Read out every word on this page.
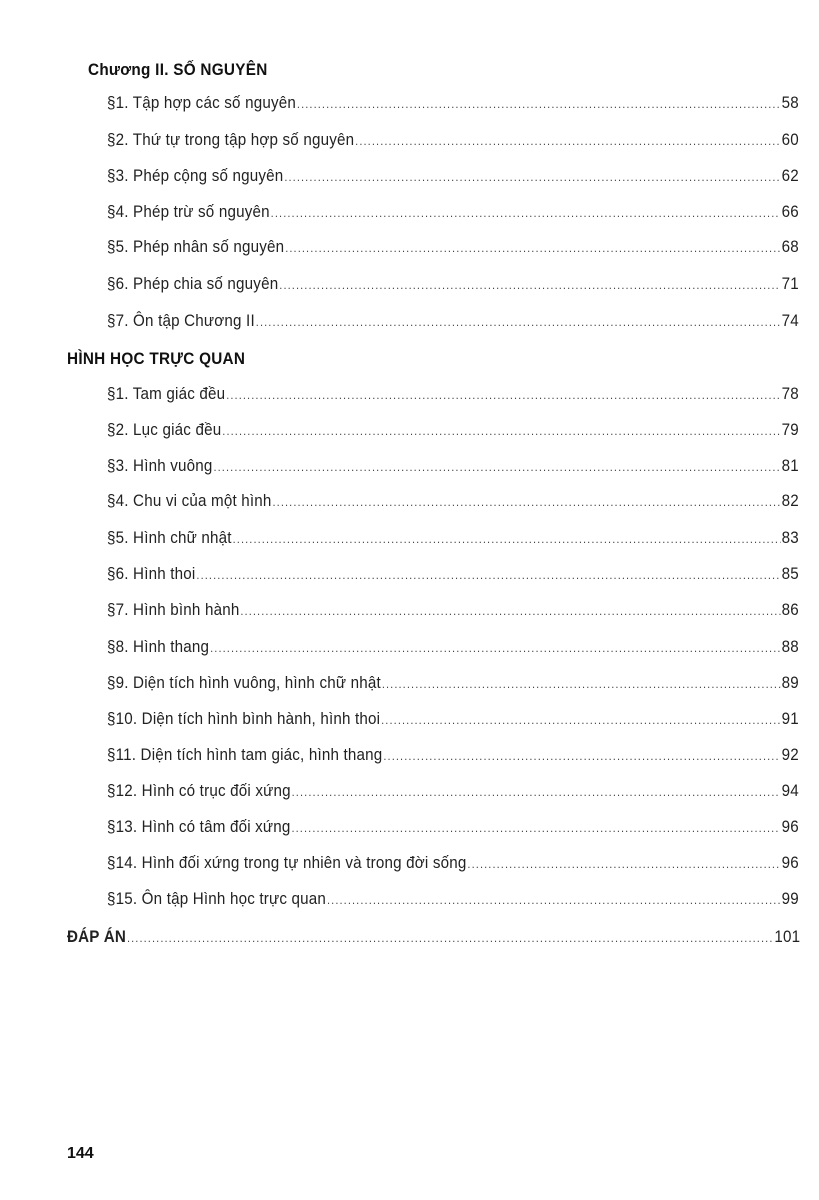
Chương II. SỐ NGUYÊN
§1. Tập hợp các số nguyên .....	58
§2. Thứ tự trong tập hợp số nguyên .....	60
§3. Phép cộng số nguyên .....	62
§4. Phép trừ số nguyên .....	66
§5. Phép nhân số nguyên .....	68
§6. Phép chia số nguyên .....	71
§7. Ôn tập Chương II .....	74
HÌNH HỌC TRỰC QUAN
§1. Tam giác đều .....	78
§2. Lục giác đều .....	79
§3. Hình vuông .....	81
§4. Chu vi của một hình .....	82
§5. Hình chữ nhật .....	83
§6. Hình thoi .....	85
§7. Hình bình hành .....	86
§8. Hình thang .....	88
§9. Diện tích hình vuông, hình chữ nhật .....	89
§10. Diện tích hình bình hành, hình thoi .....	91
§11. Diện tích hình tam giác, hình thang .....	92
§12. Hình có trục đối xứng .....	94
§13. Hình có tâm đối xứng .....	96
§14. Hình đối xứng trong tự nhiên và trong đời sống .....	96
§15. Ôn tập Hình học trực quan .....	99
ĐÁP ÁN .....	101
144
